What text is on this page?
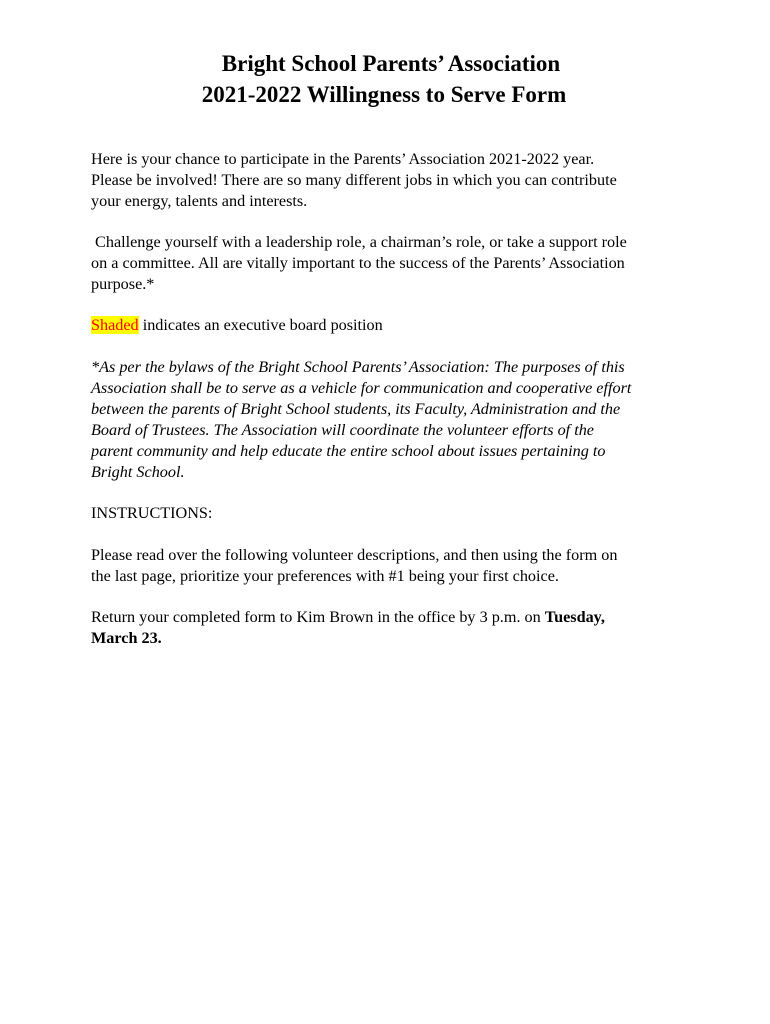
Bright School Parents’ Association
2021-2022 Willingness to Serve Form

Here is your chance to participate in the Parents’ Association 2021-2022 year.
Please be involved! There are so many different jobs in which you can contribute
your energy, talents and interests.

Challenge yourself with a leadership role, a chairman’s role, or take a support role
on a committee. All are vitally important to the success of the Parents’ Association
purpose.*

Shaded indicates an executive board position

*As per the bylaws of the Bright School Parents’ Association: The purposes of this
Association shall be to serve as a vehicle for communication and cooperative effort
between the parents of Bright School students, its Faculty, Administration and the
Board of Trustees. The Association will coordinate the volunteer efforts of the
parent community and help educate the entire school about issues pertaining to
Bright School.

INSTRUCTIONS:

Please read over the following volunteer descriptions, and then using the form on
the last page, prioritize your preferences with #1 being your first choice.

Return your completed form to Kim Brown in the office by 3 p.m. on Tuesday,
March 23.
